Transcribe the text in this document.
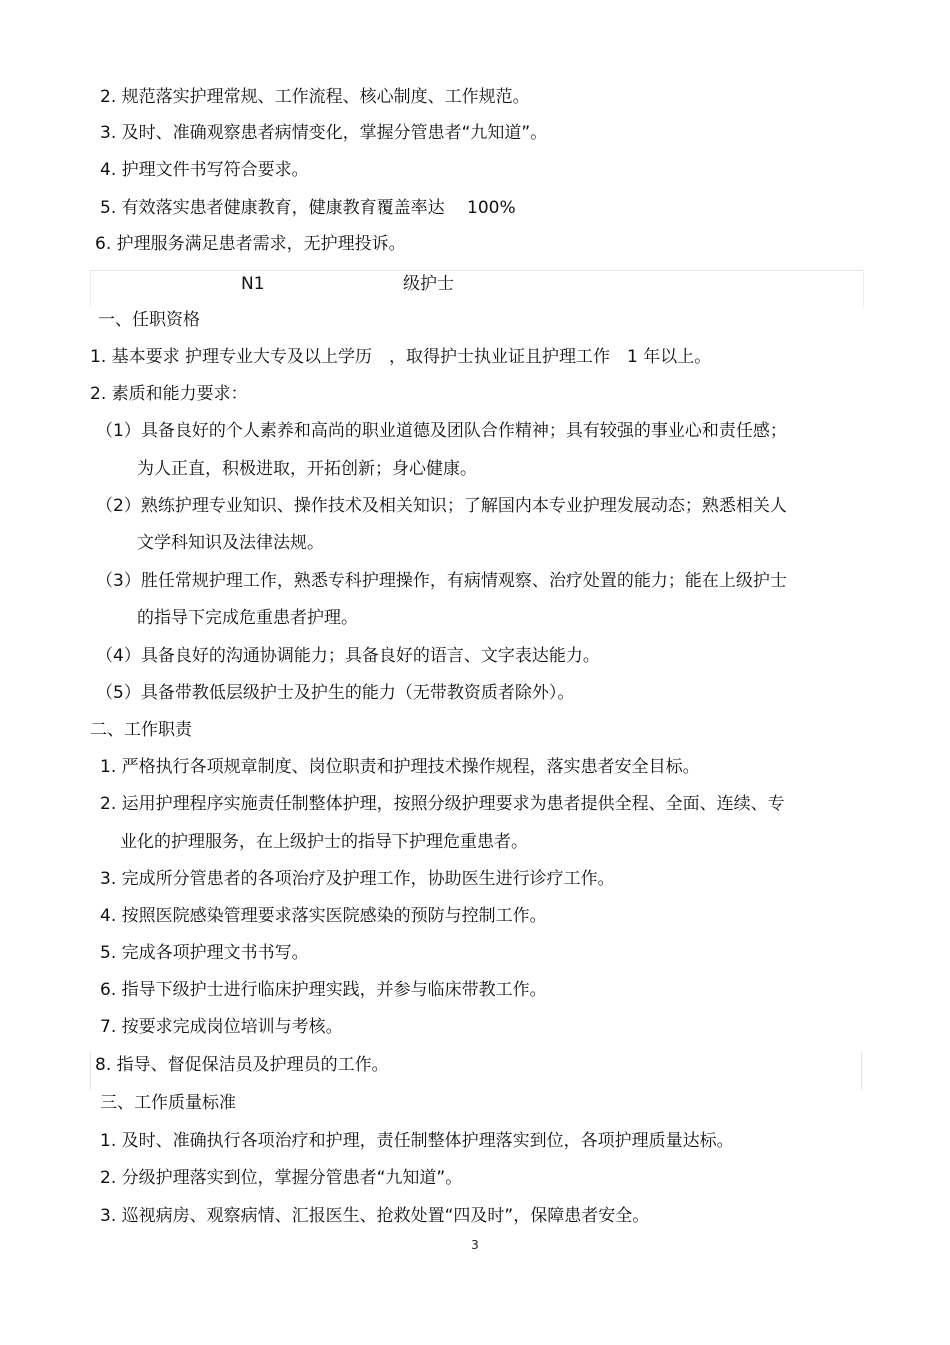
2. 规范落实护理常规、工作流程、核心制度、工作规范。
3. 及时、准确观察患者病情变化，掌握分管患者“九知道”。
4. 护理文件书写符合要求。
5. 有效落实患者健康教育，健康教育覆盖率达　 100%
6. 护理服务满足患者需求，无护理投诉。
N1	级护士
一、任职资格
1. 基本要求 护理专业大专及以上学历　，取得护士执业证且护理工作　1 年以上。
2. 素质和能力要求：
（1）具备良好的个人素养和高尚的职业道德及团队合作精神；具有较强的事业心和责任感；
为人正直，积极进取，开拓创新；身心健康。
（2）熟练护理专业知识、操作技术及相关知识；了解国内本专业护理发展动态；熟悉相关人
文学科知识及法律法规。
（3）胜任常规护理工作，熟悉专科护理操作，有病情观察、治疗处置的能力；能在上级护士
的指导下完成危重患者护理。
（4）具备良好的沟通协调能力；具备良好的语言、文字表达能力。
（5）具备带教低层级护士及护生的能力（无带教资质者除外）。
二、工作职责
1. 严格执行各项规章制度、岗位职责和护理技术操作规程，落实患者安全目标。
2. 运用护理程序实施责任制整体护理，按照分级护理要求为患者提供全程、全面、连续、专
业化的护理服务，在上级护士的指导下护理危重患者。
3. 完成所分管患者的各项治疗及护理工作，协助医生进行诊疗工作。
4. 按照医院感染管理要求落实医院感染的预防与控制工作。
5. 完成各项护理文书书写。
6. 指导下级护士进行临床护理实践，并参与临床带教工作。
7. 按要求完成岗位培训与考核。
8. 指导、督促保洁员及护理员的工作。
三、工作质量标准
1. 及时、准确执行各项治疗和护理，责任制整体护理落实到位，各项护理质量达标。
2. 分级护理落实到位，掌握分管患者“九知道”。
3. 巡视病房、观察病情、汇报医生、抢救处置“四及时”，保障患者安全。
3
